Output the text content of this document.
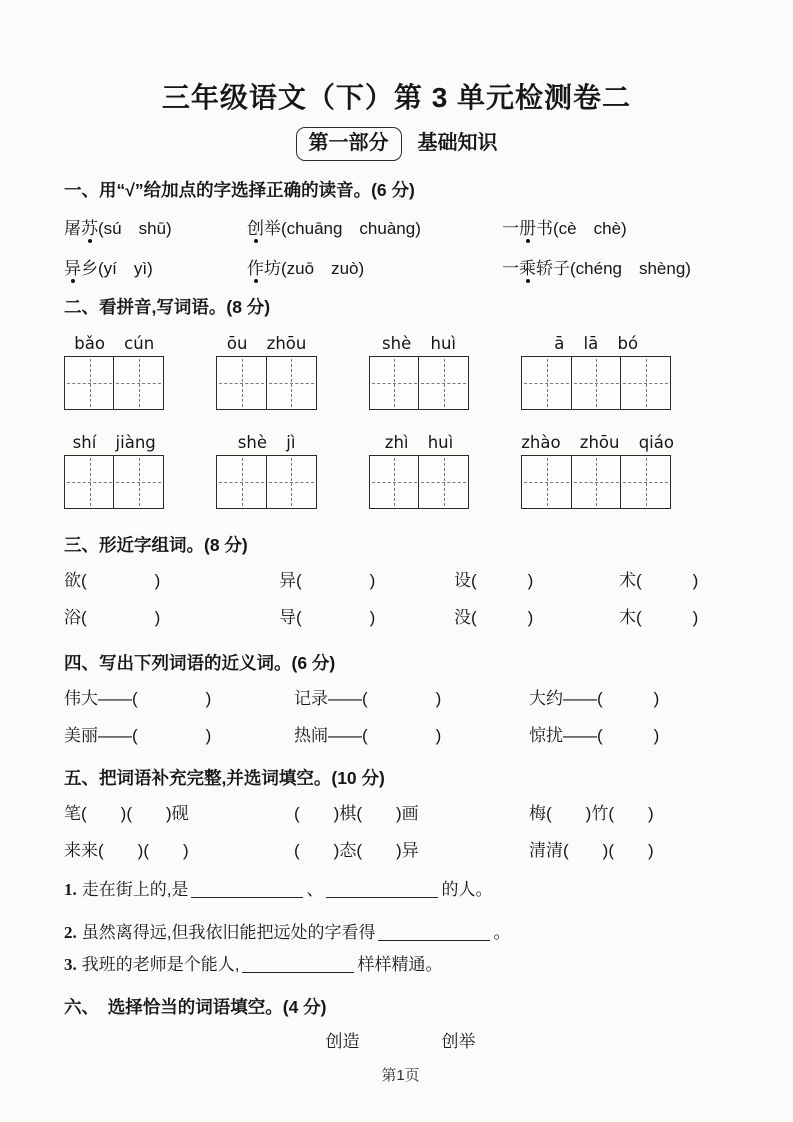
三年级语文（下）第 3 单元检测卷二
第一部分 基础知识
一、用“√”给加点的字选择正确的读音。(6 分)
屠苏(sú　shū)	创举(chuāng　chuàng)	一册书(cè　chè)
异乡(yí　yì)	作坊(zuō　zuò)	一乘轿子(chéng　shèng)
二、看拼音,写词语。(8 分)
bǎo cún	ōu zhōu	shè huì	ā lā bó
shí jiàng	shè jì	zhì huì	zhào zhōu qiáo
三、形近字组词。(8 分)
欲(　　　　)	异(　　　　)	设(　　　)	术(　　　)
浴(　　　　)	导(　　　　)	没(　　　)	木(　　　)
四、写出下列词语的近义词。(6 分)
伟大——(　　　　)	记录——(　　　　)	大约——(　　　)
美丽——(　　　　)	热闹——(　　　　)	惊扰——(　　　)
五、把词语补充完整,并选词填空。(10 分)
笔(　　)(　　)砚	(　　)棋(　　)画	梅(　　)竹(　　)
来来(　　)(　　)	(　　)态(　　)异	清清(　　)(　　)
1. 走在街上的,是	、	的人。
2. 虽然离得远,但我依旧能把远处的字看得	。
3. 我班的老师是个能人,	样样精通。
六、　选择恰当的词语填空。(4 分)
创造	创举
第1页
